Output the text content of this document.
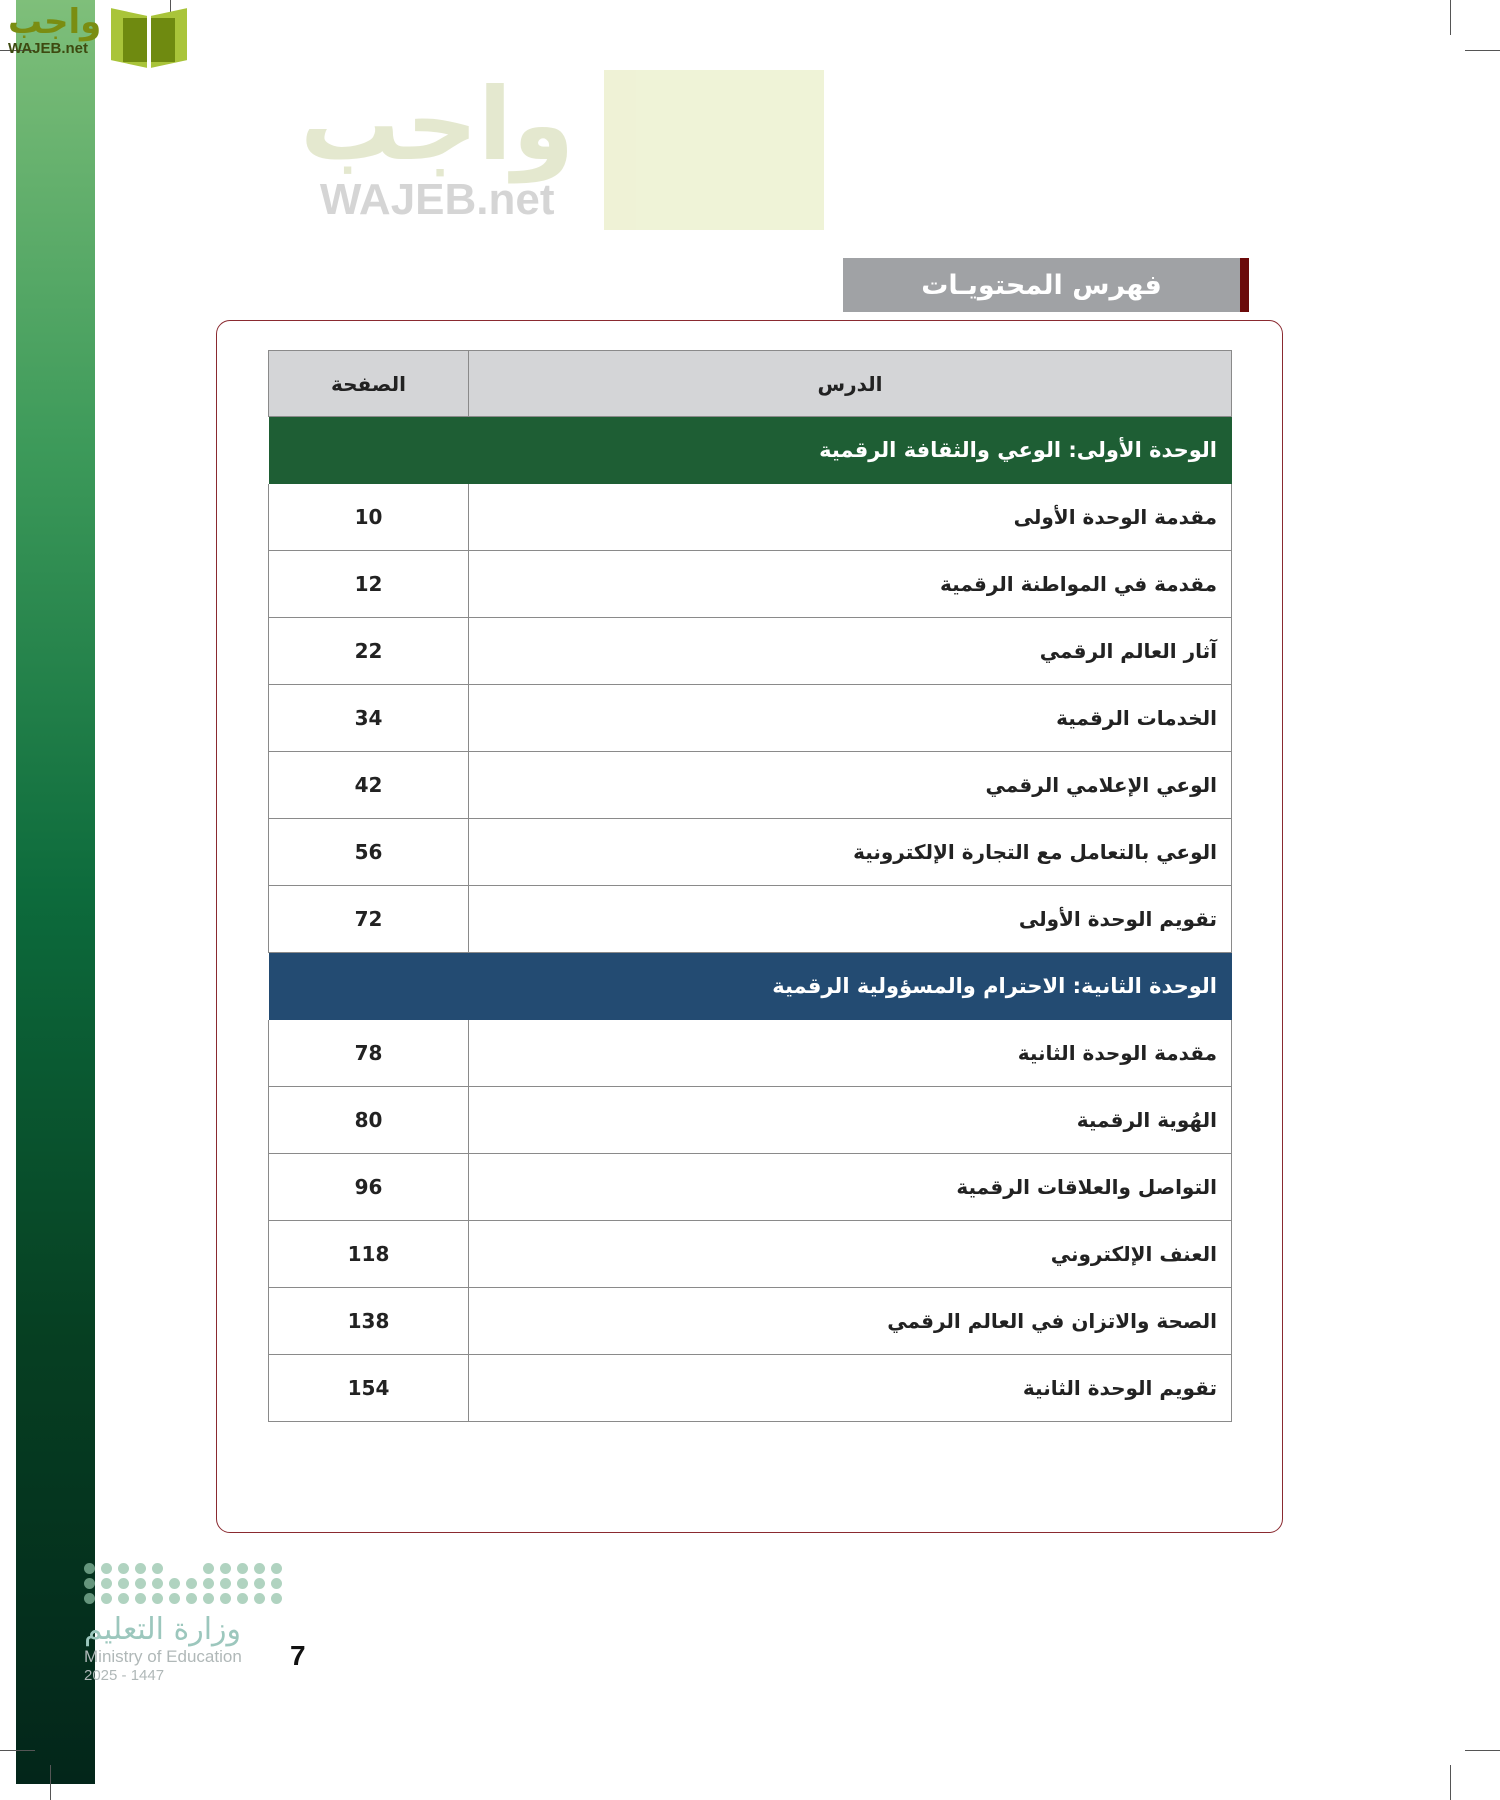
واجب
WAJEB.net
واجب
WAJEB.net
فهرس المحتويـات
الدرس	الصفحة
الوحدة الأولى: الوعي والثقافة الرقمية	
مقدمة الوحدة الأولى	10
مقدمة في المواطنة الرقمية	12
آثار العالم الرقمي	22
الخدمات الرقمية	34
الوعي الإعلامي الرقمي	42
الوعي بالتعامل مع التجارة الإلكترونية	56
تقويم الوحدة الأولى	72
الوحدة الثانية: الاحترام والمسؤولية الرقمية	
مقدمة الوحدة الثانية	78
الهُوية الرقمية	80
التواصل والعلاقات الرقمية	96
العنف الإلكتروني	118
الصحة والاتزان في العالم الرقمي	138
تقويم الوحدة الثانية	154
وزارة التعليم
Ministry of Education
2025 - 1447
7
